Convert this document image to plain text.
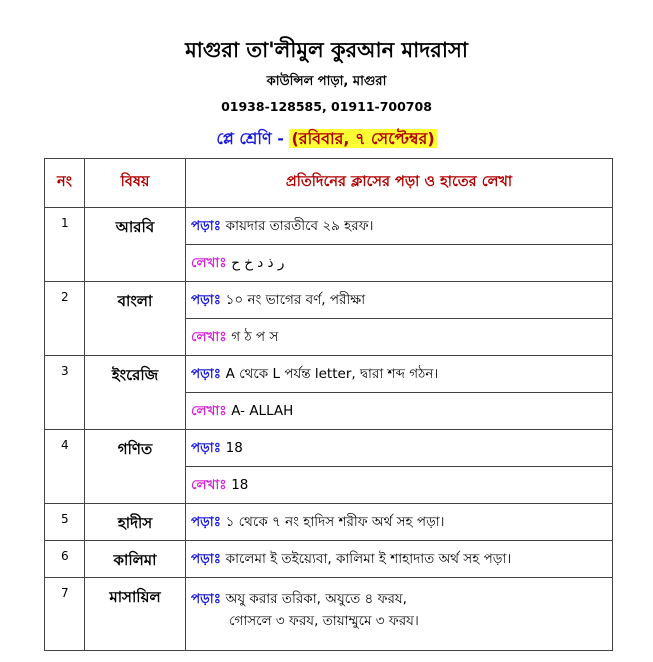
মাগুরা তা'লীমুল কুরআন মাদরাসা
কাউন্সিল পাড়া, মাগুরা
01938-128585, 01911-700708
প্লে শ্রেণি - (রবিবার, ৭ সেপ্টেম্বর)
নং	বিষয়	প্রতিদিনের ক্লাসের পড়া ও হাতের লেখা
1	আরবি	পড়াঃ কায়দার তারতীবে ২৯ হরফ।
		লেখাঃ ر ذ د خ ح
2	বাংলা	পড়াঃ ১০ নং ভাগের বর্ণ, পরীক্ষা
		লেখাঃ গ ঠ প স
3	ইংরেজি	পড়াঃ A থেকে L পর্যন্ত letter, দ্বারা শব্দ গঠন।
		লেখাঃ A- ALLAH
4	গণিত	পড়াঃ 18
		লেখাঃ 18
5	হাদীস	পড়াঃ ১ থেকে ৭ নং হাদিস শরীফ অর্থ সহ পড়া।
6	কালিমা	পড়াঃ কালেমা ই তইয়্যেবা, কালিমা ই শাহাদাত অর্থ সহ পড়া।
7	মাসায়িল	পড়াঃ অযু করার তরিকা, অযুতে ৪ ফরয,
গোসলে ৩ ফরয, তায়াম্মুমে ৩ ফরয।
